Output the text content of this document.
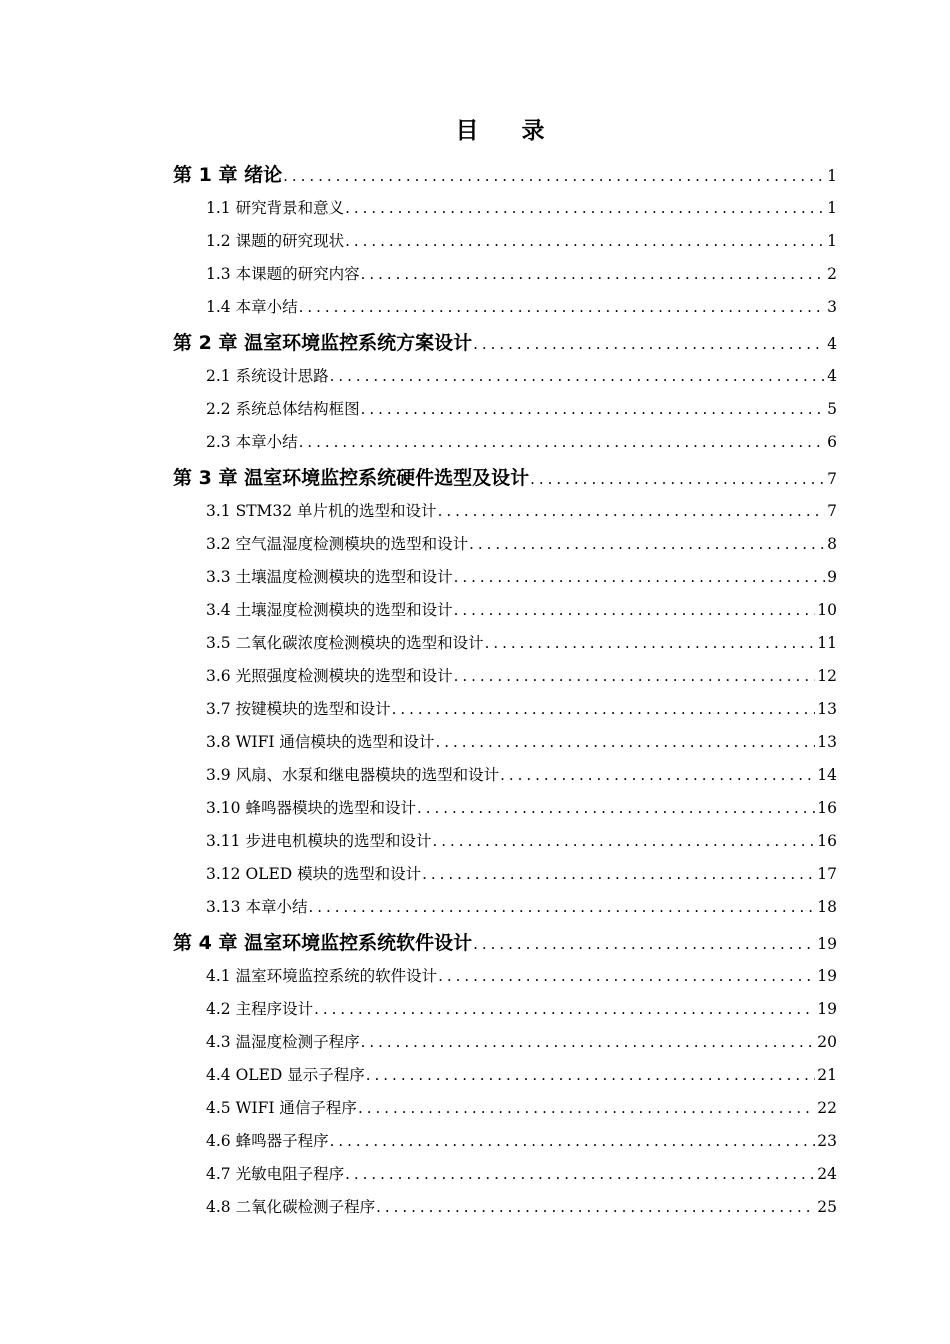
目　录
第 1 章 绪论 .....	1
1.1 研究背景和意义 .....	1
1.2 课题的研究现状 .....	1
1.3 本课题的研究内容 .....	2
1.4 本章小结 .....	3
第 2 章 温室环境监控系统方案设计 .....	4
2.1 系统设计思路 .....	4
2.2 系统总体结构框图 .....	5
2.3 本章小结 .....	6
第 3 章 温室环境监控系统硬件选型及设计 .....	7
3.1 STM32 单片机的选型和设计 .....	7
3.2 空气温湿度检测模块的选型和设计 .....	8
3.3 土壤温度检测模块的选型和设计 .....	9
3.4 土壤湿度检测模块的选型和设计 .....	10
3.5 二氧化碳浓度检测模块的选型和设计 .....	11
3.6 光照强度检测模块的选型和设计 .....	12
3.7 按键模块的选型和设计 .....	13
3.8 WIFI 通信模块的选型和设计 .....	13
3.9 风扇、水泵和继电器模块的选型和设计 .....	14
3.10 蜂鸣器模块的选型和设计 .....	16
3.11 步进电机模块的选型和设计 .....	16
3.12 OLED 模块的选型和设计 .....	17
3.13 本章小结 .....	18
第 4 章 温室环境监控系统软件设计 .....	19
4.1 温室环境监控系统的软件设计 .....	19
4.2 主程序设计 .....	19
4.3 温湿度检测子程序 .....	20
4.4 OLED 显示子程序 .....	21
4.5 WIFI 通信子程序 .....	22
4.6 蜂鸣器子程序 .....	23
4.7 光敏电阻子程序 .....	24
4.8 二氧化碳检测子程序 .....	25
